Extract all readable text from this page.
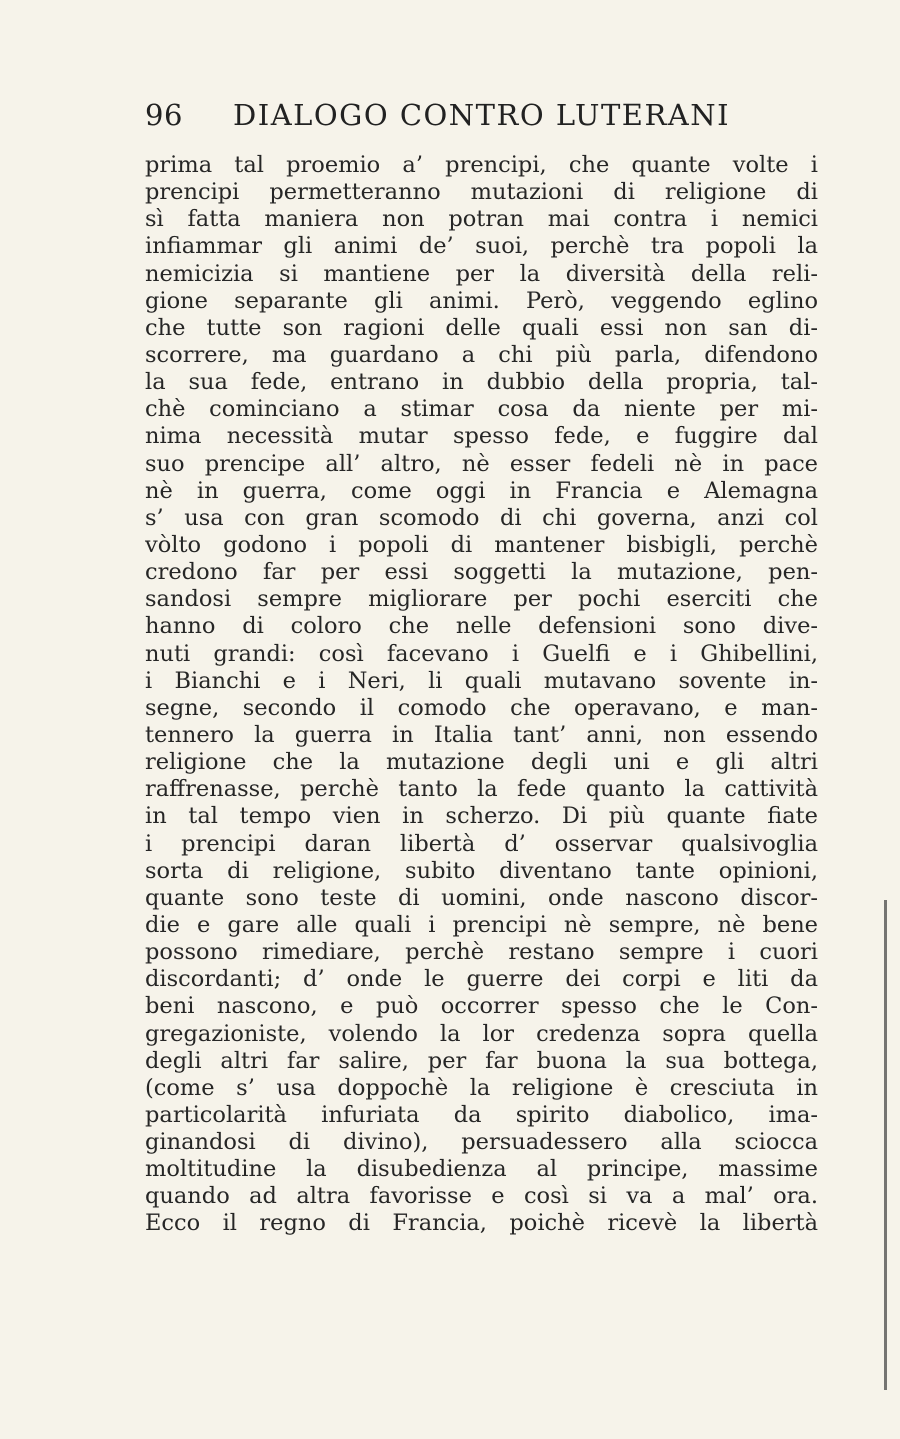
96 DIALOGO CONTRO LUTERANI
prima tal proemio a’ prencipi, che quante volte i
prencipi permetteranno mutazioni di religione di
sì fatta maniera non potran mai contra i nemici
infiammar gli animi de’ suoi, perchè tra popoli la
nemicizia si mantiene per la diversità della reli-
gione separante gli animi. Però, veggendo eglino
che tutte son ragioni delle quali essi non san di-
scorrere, ma guardano a chi più parla, difendono
la sua fede, entrano in dubbio della propria, tal-
chè cominciano a stimar cosa da niente per mi-
nima necessità mutar spesso fede, e fuggire dal
suo prencipe all’ altro, nè esser fedeli nè in pace
nè in guerra, come oggi in Francia e Alemagna
s’ usa con gran scomodo di chi governa, anzi col
vòlto godono i popoli di mantener bisbigli, perchè
credono far per essi soggetti la mutazione, pen-
sandosi sempre migliorare per pochi eserciti che
hanno di coloro che nelle defensioni sono dive-
nuti grandi: così facevano i Guelfi e i Ghibellini,
i Bianchi e i Neri, li quali mutavano sovente in-
segne, secondo il comodo che operavano, e man-
tennero la guerra in Italia tant’ anni, non essendo
religione che la mutazione degli uni e gli altri
raffrenasse, perchè tanto la fede quanto la cattività
in tal tempo vien in scherzo. Di più quante fiate
i prencipi daran libertà d’ osservar qualsivoglia
sorta di religione, subito diventano tante opinioni,
quante sono teste di uomini, onde nascono discor-
die e gare alle quali i prencipi nè sempre, nè bene
possono rimediare, perchè restano sempre i cuori
discordanti; d’ onde le guerre dei corpi e liti da
beni nascono, e può occorrer spesso che le Con-
gregazioniste, volendo la lor credenza sopra quella
degli altri far salire, per far buona la sua bottega,
(come s’ usa doppochè la religione è cresciuta in
particolarità infuriata da spirito diabolico, ima-
ginandosi di divino), persuadessero alla sciocca
moltitudine la disubedienza al principe, massime
quando ad altra favorisse e così si va a mal’ ora.
Ecco il regno di Francia, poichè ricevè la libertà
